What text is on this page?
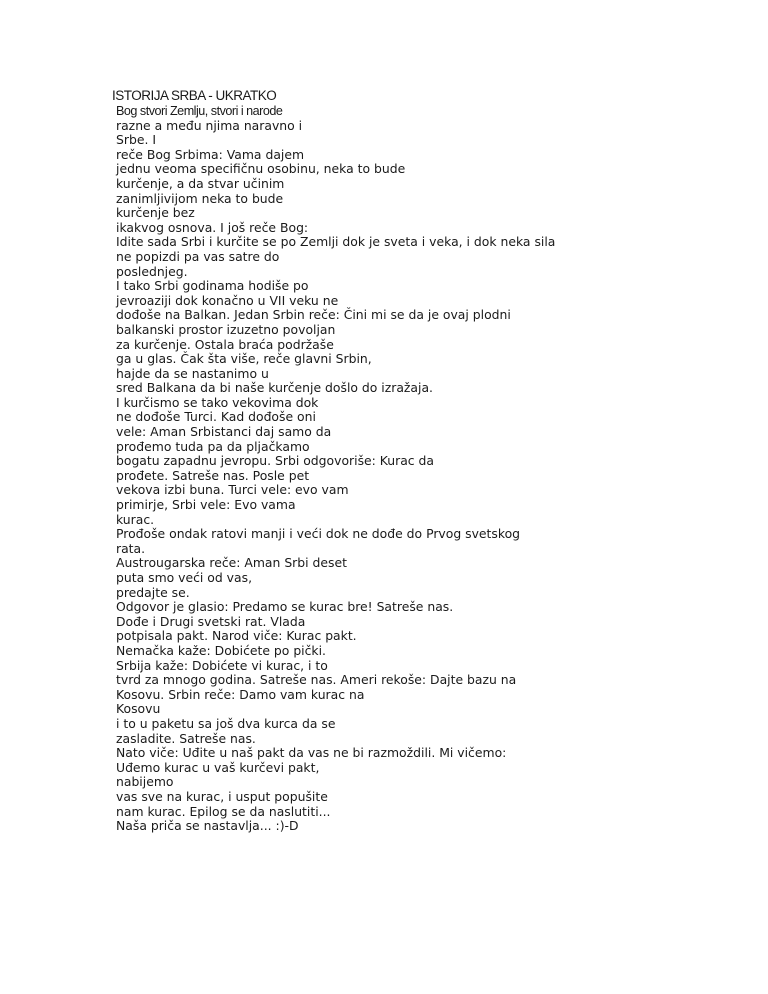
ISTORIJA SRBA - UKRATKO
Bog stvori Zemlju, stvori i narode
razne a među njima naravno i
Srbe. I
reče Bog Srbima: Vama dajem
jednu veoma specifičnu osobinu, neka to bude
kurčenje, a da stvar učinim
zanimljivijom neka to bude
kurčenje bez
ikakvog osnova. I još reče Bog:
Idite sada Srbi i kurčite se po Zemlji dok je sveta i veka, i dok neka sila
ne popizdi pa vas satre do
poslednjeg.
I tako Srbi godinama hodiše po
jevroaziji dok konačno u VII veku ne
dođoše na Balkan. Jedan Srbin reče: Čini mi se da je ovaj plodni
balkanski prostor izuzetno povoljan
za kurčenje. Ostala braća podržaše
ga u glas. Čak šta više, reče glavni Srbin,
hajde da se nastanimo u
sred Balkana da bi naše kurčenje došlo do izražaja.
I kurčismo se tako vekovima dok
ne dođoše Turci. Kad dođoše oni
vele: Aman Srbistanci daj samo da
prođemo tuda pa da pljačkamo
bogatu zapadnu jevropu. Srbi odgovoriše: Kurac da
prođete. Satreše nas. Posle pet
vekova izbi buna. Turci vele: evo vam
primirje, Srbi vele: Evo vama
kurac.
Prođoše ondak ratovi manji i veći dok ne dođe do Prvog svetskog
rata.
Austrougarska reče: Aman Srbi deset
puta smo veći od vas,
predajte se.
Odgovor je glasio: Predamo se kurac bre! Satreše nas.
Dođe i Drugi svetski rat. Vlada
potpisala pakt. Narod viče: Kurac pakt.
Nemačka kaže: Dobićete po pički.
Srbija kaže: Dobićete vi kurac, i to
tvrd za mnogo godina. Satreše nas. Ameri rekoše: Dajte bazu na
Kosovu. Srbin reče: Damo vam kurac na
Kosovu
i to u paketu sa još dva kurca da se
zasladite. Satreše nas.
Nato viče: Uđite u naš pakt da vas ne bi razmoždili. Mi vičemo:
Uđemo kurac u vaš kurčevi pakt,
nabijemo
vas sve na kurac, i usput popušite
nam kurac. Epilog se da naslutiti...
Naša priča se nastavlja... :)-D
